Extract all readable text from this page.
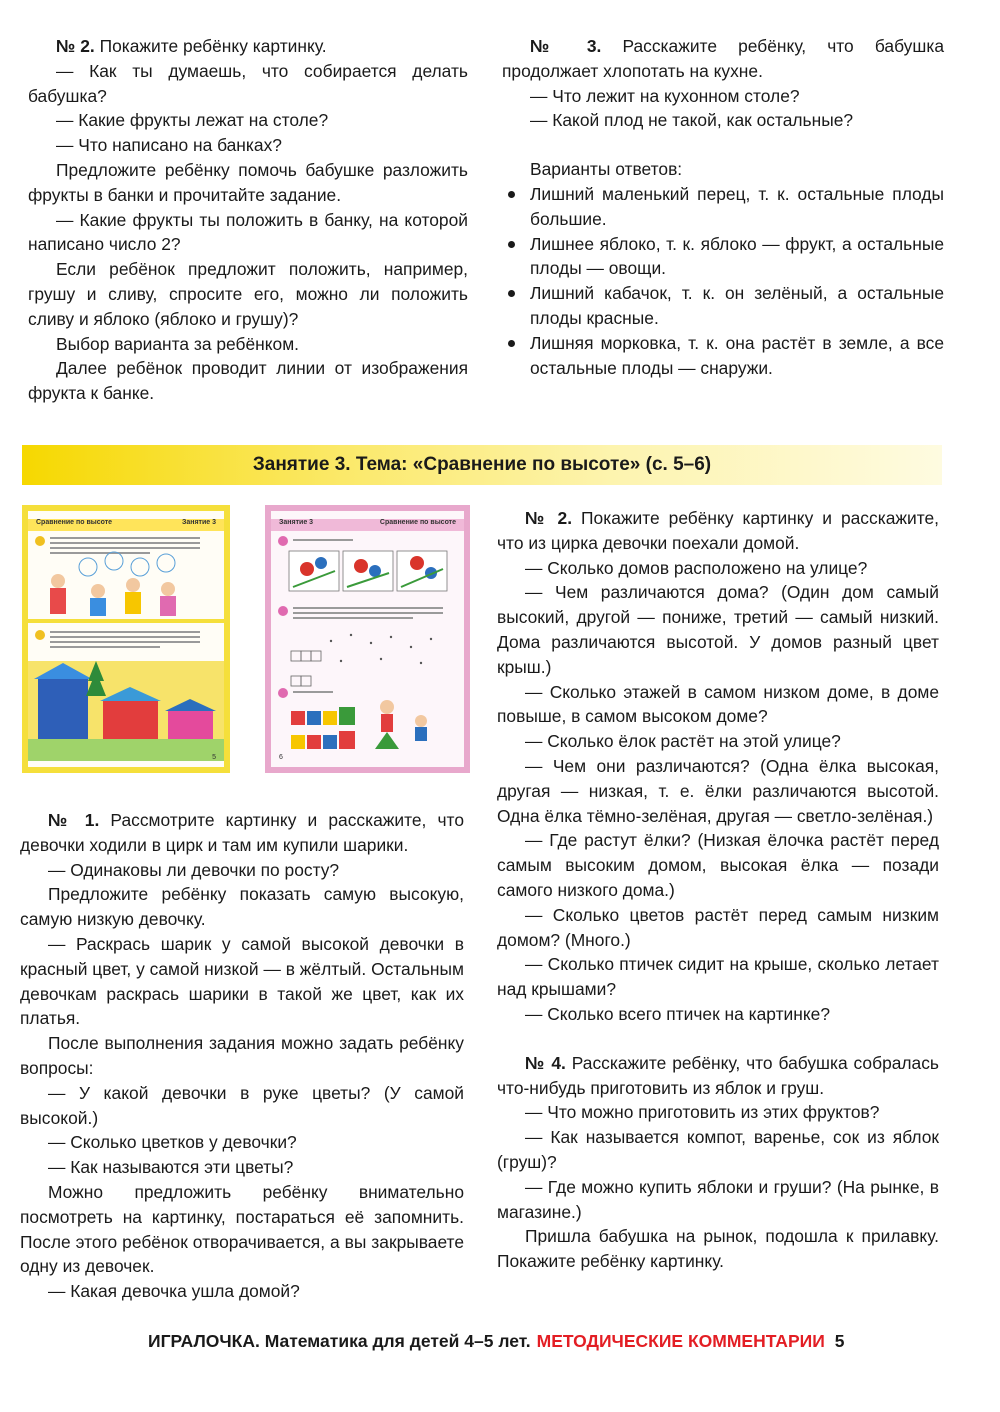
№ 2. Покажите ребёнку картинку.

— Как ты думаешь, что собирается делать бабушка?

— Какие фрукты лежат на столе?

— Что написано на банках?

Предложите ребёнку помочь бабушке разложить фрукты в банки и прочитайте задание.

— Какие фрукты ты положить в банку, на которой написано число 2?

Если ребёнок предложит положить, например, грушу и сливу, спросите его, можно ли положить сливу и яблоко (яблоко и грушу)?

Выбор варианта за ребёнком.

Далее ребёнок проводит линии от изображения фрукта к банке.

№ 3. Расскажите ребёнку, что бабушка продолжает хлопотать на кухне.

— Что лежит на кухонном столе?

— Какой плод не такой, как остальные?

Варианты ответов:

Лишний маленький перец, т. к. остальные плоды большие.
Лишнее яблоко, т. к. яблоко — фрукт, а остальные плоды — овощи.
Лишний кабачок, т. к. он зелёный, а остальные плоды красные.
Лишняя морковка, т. к. она растёт в земле, а все остальные плоды — снаружи.
Занятие 3. Тема: «Сравнение по высоте» (с. 5–6)
Сравнение по высоте	Занятие 3
5
Занятие 3	Сравнение по высоте
6

№ 1. Рассмотрите картинку и расскажите, что девочки ходили в цирк и там им купили шарики.

— Одинаковы ли девочки по росту?

Предложите ребёнку показать самую высокую, самую низкую девочку.

— Раскрась шарик у самой высокой девочки в красный цвет, у самой низкой — в жёлтый. Остальным девочкам раскрась шарики в такой же цвет, как их платья.

После выполнения задания можно задать ребёнку вопросы:

— У какой девочки в руке цветы? (У самой высокой.)

— Сколько цветков у девочки?

— Как называются эти цветы?

Можно предложить ребёнку внимательно посмотреть на картинку, постараться её запомнить. После этого ребёнок отворачивается, а вы закрываете одну из девочек.

— Какая девочка ушла домой?

№ 2. Покажите ребёнку картинку и расскажите, что из цирка девочки поехали домой.

— Сколько домов расположено на улице?

— Чем различаются дома? (Один дом самый высокий, другой — пониже, третий — самый низкий. Дома различаются высотой. У домов разный цвет крыш.)

— Сколько этажей в самом низком доме, в доме повыше, в самом высоком доме?

— Сколько ёлок растёт на этой улице?

— Чем они различаются? (Одна ёлка высокая, другая — низкая, т. е. ёлки различаются высотой. Одна ёлка тёмно-зелёная, другая — светло-зелёная.)

— Где растут ёлки? (Низкая ёлочка растёт перед самым высоким домом, высокая ёлка — позади самого низкого дома.)

— Сколько цветов растёт перед самым низким домом? (Много.)

— Сколько птичек сидит на крыше, сколько летает над крышами?

— Сколько всего птичек на картинке?

№ 4. Расскажите ребёнку, что бабушка собралась что-нибудь приготовить из яблок и груш.

— Что можно приготовить из этих фруктов?

— Как называется компот, варенье, сок из яблок (груш)?

— Где можно купить яблоки и груши? (На рынке, в магазине.)

Пришла бабушка на рынок, подошла к прилавку. Покажите ребёнку картинку.

ИГРАЛОЧКА. Математика для детей 4–5 лет. МЕТОДИЧЕСКИЕ КОММЕНТАРИИ 5
